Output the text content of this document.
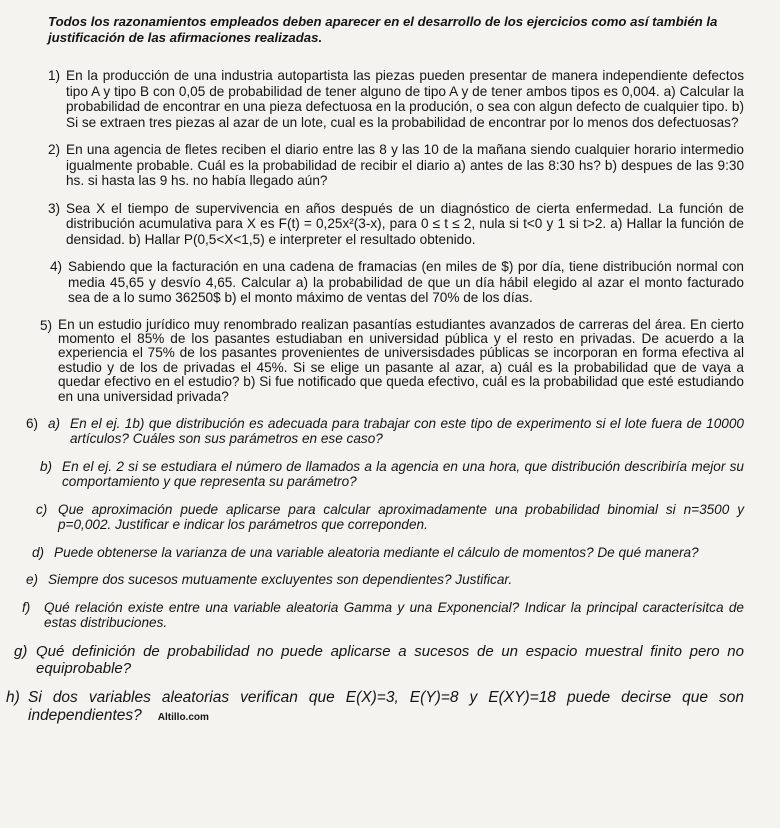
Todos los razonamientos empleados deben aparecer en el desarrollo de los ejercicios como así también la justificación de las afirmaciones realizadas.
1) En la producción de una industria autopartista las piezas pueden presentar de manera independiente defectos tipo A y tipo B con 0,05 de probabilidad de tener alguno de tipo A y de tener ambos tipos es 0,004. a) Calcular la probabilidad de encontrar en una pieza defectuosa en la produción, o sea con algun defecto de cualquier tipo. b) Si se extraen tres piezas al azar de un lote, cual es la probabilidad de encontrar por lo menos dos defectuosas?
2) En una agencia de fletes reciben el diario entre las 8 y las 10 de la mañana siendo cualquier horario intermedio igualmente probable. Cuál es la probabilidad de recibir el diario a) antes de las 8:30 hs? b) despues de las 9:30 hs. si hasta las 9 hs. no había llegado aún?
3) Sea X el tiempo de supervivencia en años después de un diagnóstico de cierta enfermedad. La función de distribución acumulativa para X es F(t) = 0,25x²(3-x), para 0 ≤ t ≤ 2, nula si t<0 y 1 si t>2. a) Hallar la función de densidad. b) Hallar P(0,5<X<1,5) e interpreter el resultado obtenido.
4) Sabiendo que la facturación en una cadena de framacias (en miles de $) por día, tiene distribución normal con media 45,65 y desvío 4,65. Calcular a) la probabilidad de que un día hábil elegido al azar el monto facturado sea de a lo sumo 36250$ b) el monto máximo de ventas del 70% de los días.
5) En un estudio jurídico muy renombrado realizan pasantías estudiantes avanzados de carreras del área. En cierto momento el 85% de los pasantes estudiaban en universidad pública y el resto en privadas. De acuerdo a la experiencia el 75% de los pasantes provenientes de universisdades públicas se incorporan en forma efectiva al estudio y de los de privadas el 45%. Si se elige un pasante al azar, a) cuál es la probabilidad que de vaya a quedar efectivo en el estudio? b) Si fue notificado que queda efectivo, cuál es la probabilidad que esté estudiando en una universidad privada?
6) a) En el ej. 1b) que distribución es adecuada para trabajar con este tipo de experimento si el lote fuera de 10000 artículos? Cuáles son sus parámetros en ese caso?
b) En el ej. 2 si se estudiara el número de llamados a la agencia en una hora, que distribución describiría mejor su comportamiento y que representa su parámetro?
c) Que aproximación puede aplicarse para calcular aproximadamente una probabilidad binomial si n=3500 y p=0,002. Justificar e indicar los parámetros que correponden.
d) Puede obtenerse la varianza de una variable aleatoria mediante el cálculo de momentos? De qué manera?
e) Siempre dos sucesos mutuamente excluyentes son dependientes? Justificar.
f)	Qué relación existe entre una variable aleatoria Gamma y una Exponencial? Indicar la principal caracterísitca de estas distribuciones.
g) Qué definición de probabilidad no puede aplicarse a sucesos de un espacio muestral finito pero no equiprobable?
h) Si dos variables aleatorias verifican que E(X)=3, E(Y)=8 y E(XY)=18 puede decirse que son independientes? Altillo.com
